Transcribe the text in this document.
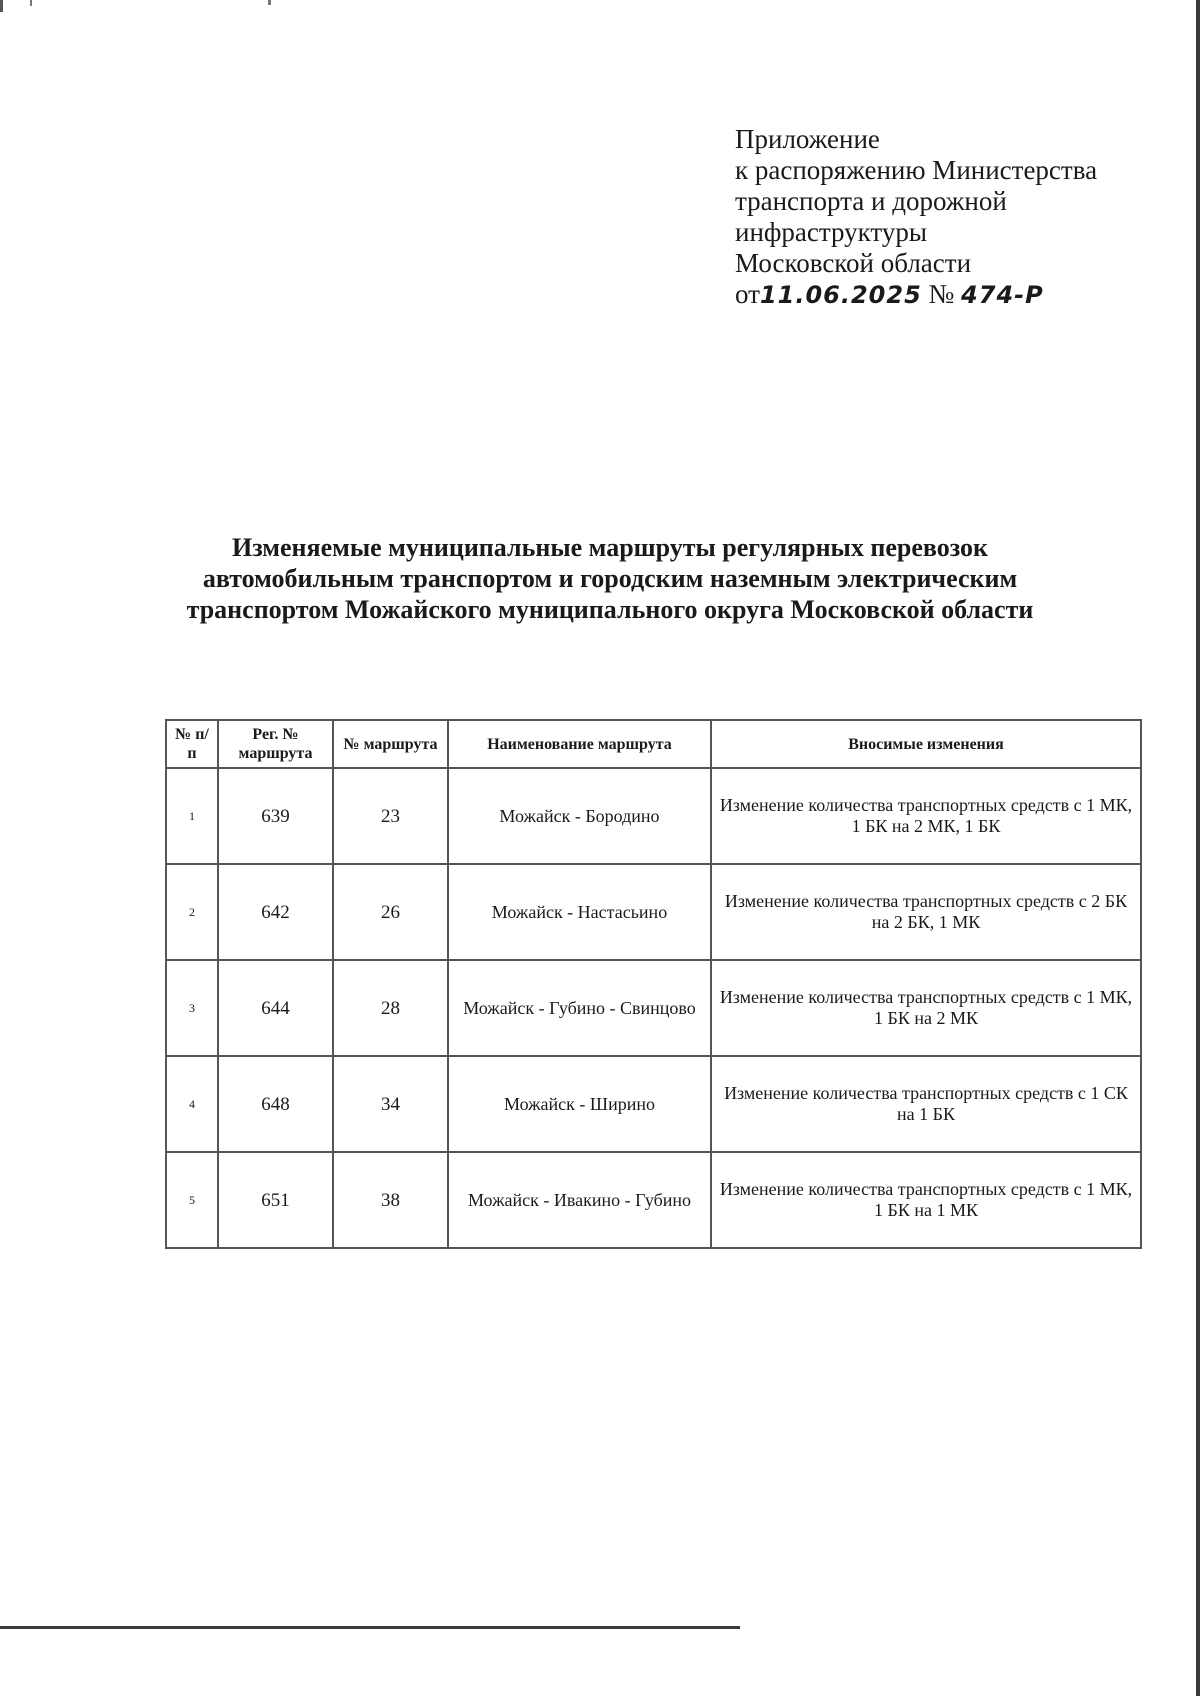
Приложение
к распоряжению Министерства
транспорта и дорожной
инфраструктуры
Московской области
от11.06.2025 № 474-Р
Изменяемые муниципальные маршруты регулярных перевозок
автомобильным транспортом и городским наземным электрическим
транспортом Можайского муниципального округа Московской области
№ п/п	Рег. № маршрута	№ маршрута	Наименование маршрута	Вносимые изменения
1	639	23	Можайск - Бородино	Изменение количества транспортных средств с 1 МК, 1 БК на 2 МК, 1 БК
2	642	26	Можайск - Настасьино	Изменение количества транспортных средств с 2 БК на 2 БК, 1 МК
3	644	28	Можайск - Губино - Свинцово	Изменение количества транспортных средств с 1 МК, 1 БК на 2 МК
4	648	34	Можайск - Ширино	Изменение количества транспортных средств с 1 СК на 1 БК
5	651	38	Можайск - Ивакино - Губино	Изменение количества транспортных средств с 1 МК, 1 БК на 1 МК
